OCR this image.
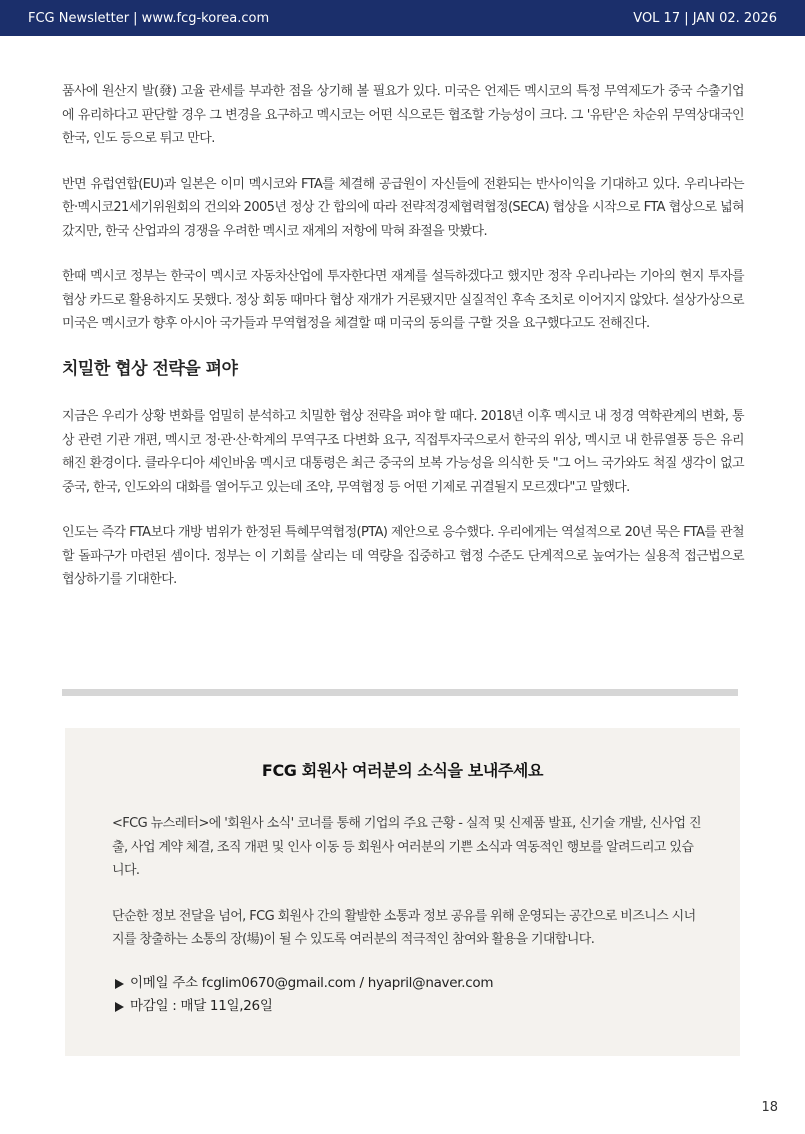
FCG Newsletter | www.fcg-korea.com	VOL 17 | JAN 02. 2026

품사에 원산지 발(發) 고율 관세를 부과한 점을 상기해 볼 필요가 있다. 미국은 언제든 멕시코의 특정 무역제도가 중국 수출기업에 유리하다고 판단할 경우 그 변경을 요구하고 멕시코는 어떤 식으로든 협조할 가능성이 크다. 그 '유탄'은 차순위 무역상대국인 한국, 인도 등으로 튀고 만다.

반면 유럽연합(EU)과 일본은 이미 멕시코와 FTA를 체결해 공급원이 자신들에 전환되는 반사이익을 기대하고 있다. 우리나라는 한·멕시코21세기위원회의 건의와 2005년 정상 간 합의에 따라 전략적경제협력협정(SECA) 협상을 시작으로 FTA 협상으로 넓혀갔지만, 한국 산업과의 경쟁을 우려한 멕시코 재계의 저항에 막혀 좌절을 맛봤다.

한때 멕시코 정부는 한국이 멕시코 자동차산업에 투자한다면 재계를 설득하겠다고 했지만 정작 우리나라는 기아의 현지 투자를 협상 카드로 활용하지도 못했다. 정상 회동 때마다 협상 재개가 거론됐지만 실질적인 후속 조치로 이어지지 않았다. 설상가상으로 미국은 멕시코가 향후 아시아 국가들과 무역협정을 체결할 때 미국의 동의를 구할 것을 요구했다고도 전해진다.

치밀한 협상 전략을 펴야

지금은 우리가 상황 변화를 엄밀히 분석하고 치밀한 협상 전략을 펴야 할 때다. 2018년 이후 멕시코 내 정경 역학관계의 변화, 통상 관련 기관 개편, 멕시코 정·관·산·학계의 무역구조 다변화 요구, 직접투자국으로서 한국의 위상, 멕시코 내 한류열풍 등은 유리해진 환경이다. 클라우디아 셰인바움 멕시코 대통령은 최근 중국의 보복 가능성을 의식한 듯 "그 어느 국가와도 척질 생각이 없고 중국, 한국, 인도와의 대화를 열어두고 있는데 조약, 무역협정 등 어떤 기제로 귀결될지 모르겠다"고 말했다.

인도는 즉각 FTA보다 개방 범위가 한정된 특혜무역협정(PTA) 제안으로 응수했다. 우리에게는 역설적으로 20년 묵은 FTA를 관철할 돌파구가 마련된 셈이다. 정부는 이 기회를 살리는 데 역량을 집중하고 협정 수준도 단계적으로 높여가는 실용적 접근법으로 협상하기를 기대한다.

FCG 회원사 여러분의 소식을 보내주세요

<FCG 뉴스레터>에 '회원사 소식' 코너를 통해 기업의 주요 근황 - 실적 및 신제품 발표, 신기술 개발, 신사업 진출, 사업 계약 체결, 조직 개편 및 인사 이동 등 회원사 여러분의 기쁜 소식과 역동적인 행보를 알려드리고 있습니다.

단순한 정보 전달을 넘어, FCG 회원사 간의 활발한 소통과 정보 공유를 위해 운영되는 공간으로 비즈니스 시너지를 창출하는 소통의 장(場)이 될 수 있도록 여러분의 적극적인 참여와 활용을 기대합니다.

이메일 주소 fcglim0670@gmail.com / hyapril@naver.com
마감일 : 매달 11일,26일
18
